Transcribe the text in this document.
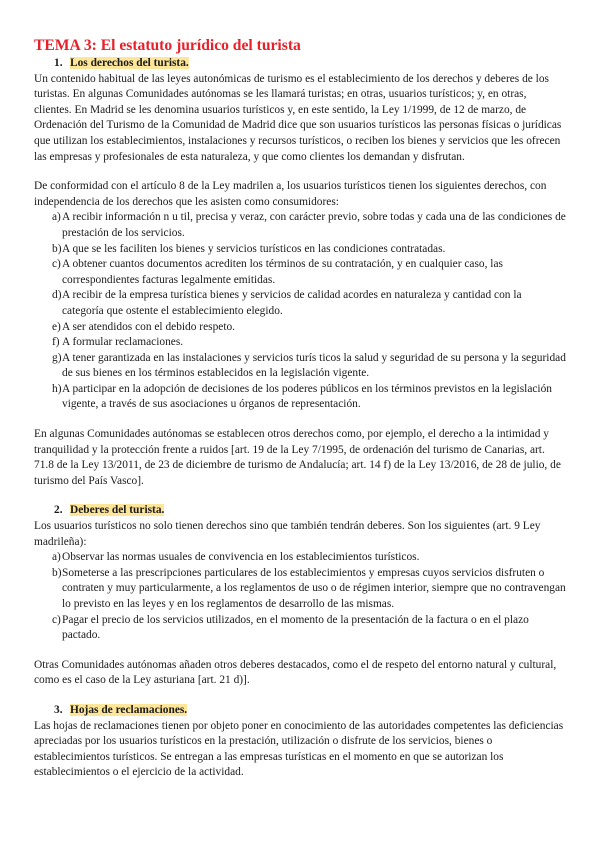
TEMA 3: El estatuto jurídico del turista
1. Los derechos del turista.

Un contenido habitual de las leyes autonómicas de turismo es el establecimiento de los derechos y deberes de los turistas. En algunas Comunidades autónomas se les llamará turistas; en otras, usuarios turísticos; y, en otras, clientes. En Madrid se les denomina usuarios turísticos y, en este sentido, la Ley 1/1999, de 12 de marzo, de Ordenación del Turismo de la Comunidad de Madrid dice que son usuarios turísticos las personas físicas o jurídicas que utilizan los establecimientos, instalaciones y recursos turísticos, o reciben los bienes y servicios que les ofrecen las empresas y profesionales de esta naturaleza, y que como clientes los demandan y disfrutan.

De conformidad con el artículo 8 de la Ley madrilen a, los usuarios turísticos tienen los siguientes derechos, con independencia de los derechos que les asisten como consumidores:

a) A recibir información n u til, precisa y veraz, con carácter previo, sobre todas y cada una de las condiciones de prestación de los servicios.
b) A que se les faciliten los bienes y servicios turísticos en las condiciones contratadas.
c) A obtener cuantos documentos acrediten los términos de su contratación, y en cualquier caso, las correspondientes facturas legalmente emitidas.
d) A recibir de la empresa turística bienes y servicios de calidad acordes en naturaleza y cantidad con la categoría que ostente el establecimiento elegido.
e) A ser atendidos con el debido respeto.
f) A formular reclamaciones.
g) A tener garantizada en las instalaciones y servicios turís ticos la salud y seguridad de su persona y la seguridad de sus bienes en los términos establecidos en la legislación vigente.
h) A participar en la adopción de decisiones de los poderes públicos en los términos previstos en la legislación vigente, a través de sus asociaciones u órganos de representación.

En algunas Comunidades autónomas se establecen otros derechos como, por ejemplo, el derecho a la intimidad y tranquilidad y la protección frente a ruidos [art. 19 de la Ley 7/1995, de ordenación del turismo de Canarias, art. 71.8 de la Ley 13/2011, de 23 de diciembre de turismo de Andalucía; art. 14 f) de la Ley 13/2016, de 28 de julio, de turismo del País Vasco].

2. Deberes del turista.

Los usuarios turísticos no solo tienen derechos sino que también tendrán deberes. Son los siguientes (art. 9 Ley madrileña):

a) Observar las normas usuales de convivencia en los establecimientos turísticos.
b) Someterse a las prescripciones particulares de los establecimientos y empresas cuyos servicios disfruten o contraten y muy particularmente, a los reglamentos de uso o de régimen interior, siempre que no contravengan lo previsto en las leyes y en los reglamentos de desarrollo de las mismas.
c) Pagar el precio de los servicios utilizados, en el momento de la presentación de la factura o en el plazo pactado.

Otras Comunidades autónomas añaden otros deberes destacados, como el de respeto del entorno natural y cultural, como es el caso de la Ley asturiana [art. 21 d)].

3. Hojas de reclamaciones.

Las hojas de reclamaciones tienen por objeto poner en conocimiento de las autoridades competentes las deficiencias apreciadas por los usuarios turísticos en la prestación, utilización o disfrute de los servicios, bienes o establecimientos turísticos. Se entregan a las empresas turísticas en el momento en que se autorizan los establecimientos o el ejercicio de la actividad.
